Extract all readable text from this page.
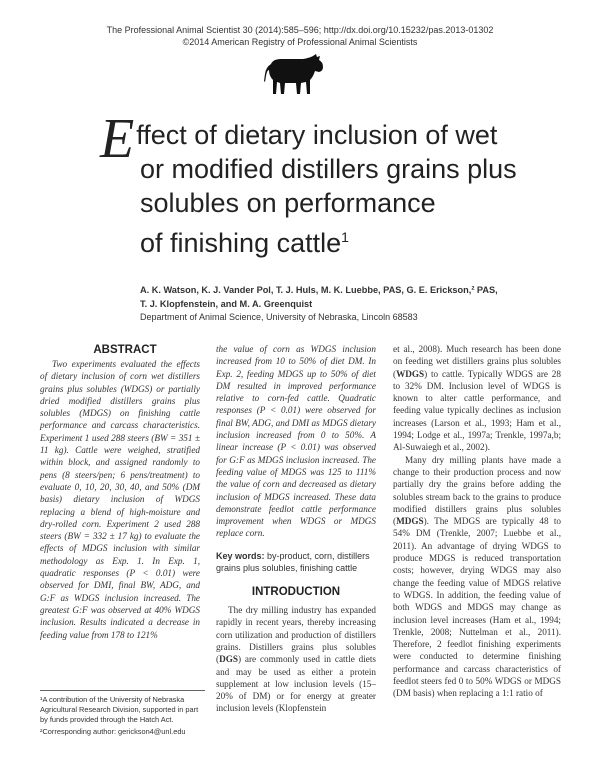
The Professional Animal Scientist 30 (2014):585–596; http://dx.doi.org/10.15232/pas.2013-01302
©2014 American Registry of Professional Animal Scientists
E ffect of dietary inclusion of wet
or modified distillers grains plus
solubles on performance
of finishing cattle$^1$
A. K. Watson, K. J. Vander Pol, T. J. Huls, M. K. Luebbe, PAS, G. E. Erickson,² PAS,
T. J. Klopfenstein, and M. A. Greenquist
Department of Animal Science, University of Nebraska, Lincoln 68583
ABSTRACT

Two experiments evaluated the effects of dietary inclusion of corn wet distillers grains plus solubles (WDGS) or partially dried modified distillers grains plus solubles (MDGS) on finishing cattle performance and carcass characteristics. Experiment 1 used 288 steers (BW = 351 ± 11 kg). Cattle were weighed, stratified within block, and assigned randomly to pens (8 steers/pen; 6 pens/treatment) to evaluate 0, 10, 20, 30, 40, and 50% (DM basis) dietary inclusion of WDGS replacing a blend of high-moisture and dry-rolled corn. Experiment 2 used 288 steers (BW = 332 ± 17 kg) to evaluate the effects of MDGS inclusion with similar methodology as Exp. 1. In Exp. 1, quadratic responses (P < 0.01) were observed for DMI, final BW, ADG, and G:F as WDGS inclusion increased. The greatest G:F was observed at 40% WDGS inclusion. Results indicated a decrease in feeding value from 178 to 121%

the value of corn as WDGS inclusion increased from 10 to 50% of diet DM. In Exp. 2, feeding MDGS up to 50% of diet DM resulted in improved performance relative to corn-fed cattle. Quadratic responses (P < 0.01) were observed for final BW, ADG, and DMI as MDGS dietary inclusion increased from 0 to 50%. A linear increase (P < 0.01) was observed for G:F as MDGS inclusion increased. The feeding value of MDGS was 125 to 111% the value of corn and decreased as dietary inclusion of MDGS increased. These data demonstrate feedlot cattle performance improvement when WDGS or MDGS replace corn.

Key words: by-product, corn, distillers grains plus solubles, finishing cattle
INTRODUCTION

The dry milling industry has expanded rapidly in recent years, thereby increasing corn utilization and production of distillers grains. Distillers grains plus solubles (DGS) are commonly used in cattle diets and may be used as either a protein supplement at low inclusion levels (15–20% of DM) or for energy at greater inclusion levels (Klopfenstein

et al., 2008). Much research has been done on feeding wet distillers grains plus solubles (WDGS) to cattle. Typically WDGS are 28 to 32% DM. Inclusion level of WDGS is known to alter cattle performance, and feeding value typically declines as inclusion increases (Larson et al., 1993; Ham et al., 1994; Lodge et al., 1997a; Trenkle, 1997a,b; Al-Suwaiegh et al., 2002).

Many dry milling plants have made a change to their production process and now partially dry the grains before adding the solubles stream back to the grains to produce modified distillers grains plus solubles (MDGS). The MDGS are typically 48 to 54% DM (Trenkle, 2007; Luebbe et al., 2011). An advantage of drying WDGS to produce MDGS is reduced transportation costs; however, drying WDGS may also change the feeding value of MDGS relative to WDGS. In addition, the feeding value of both WDGS and MDGS may change as inclusion level increases (Ham et al., 1994; Trenkle, 2008; Nuttelman et al., 2011). Therefore, 2 feedlot finishing experiments were conducted to determine finishing performance and carcass characteristics of feedlot steers fed 0 to 50% WDGS or MDGS (DM basis) when replacing a 1:1 ratio of

¹A contribution of the University of Nebraska Agricultural Research Division, supported in part by funds provided through the Hatch Act.

²Corresponding author: gerickson4@unl.edu
